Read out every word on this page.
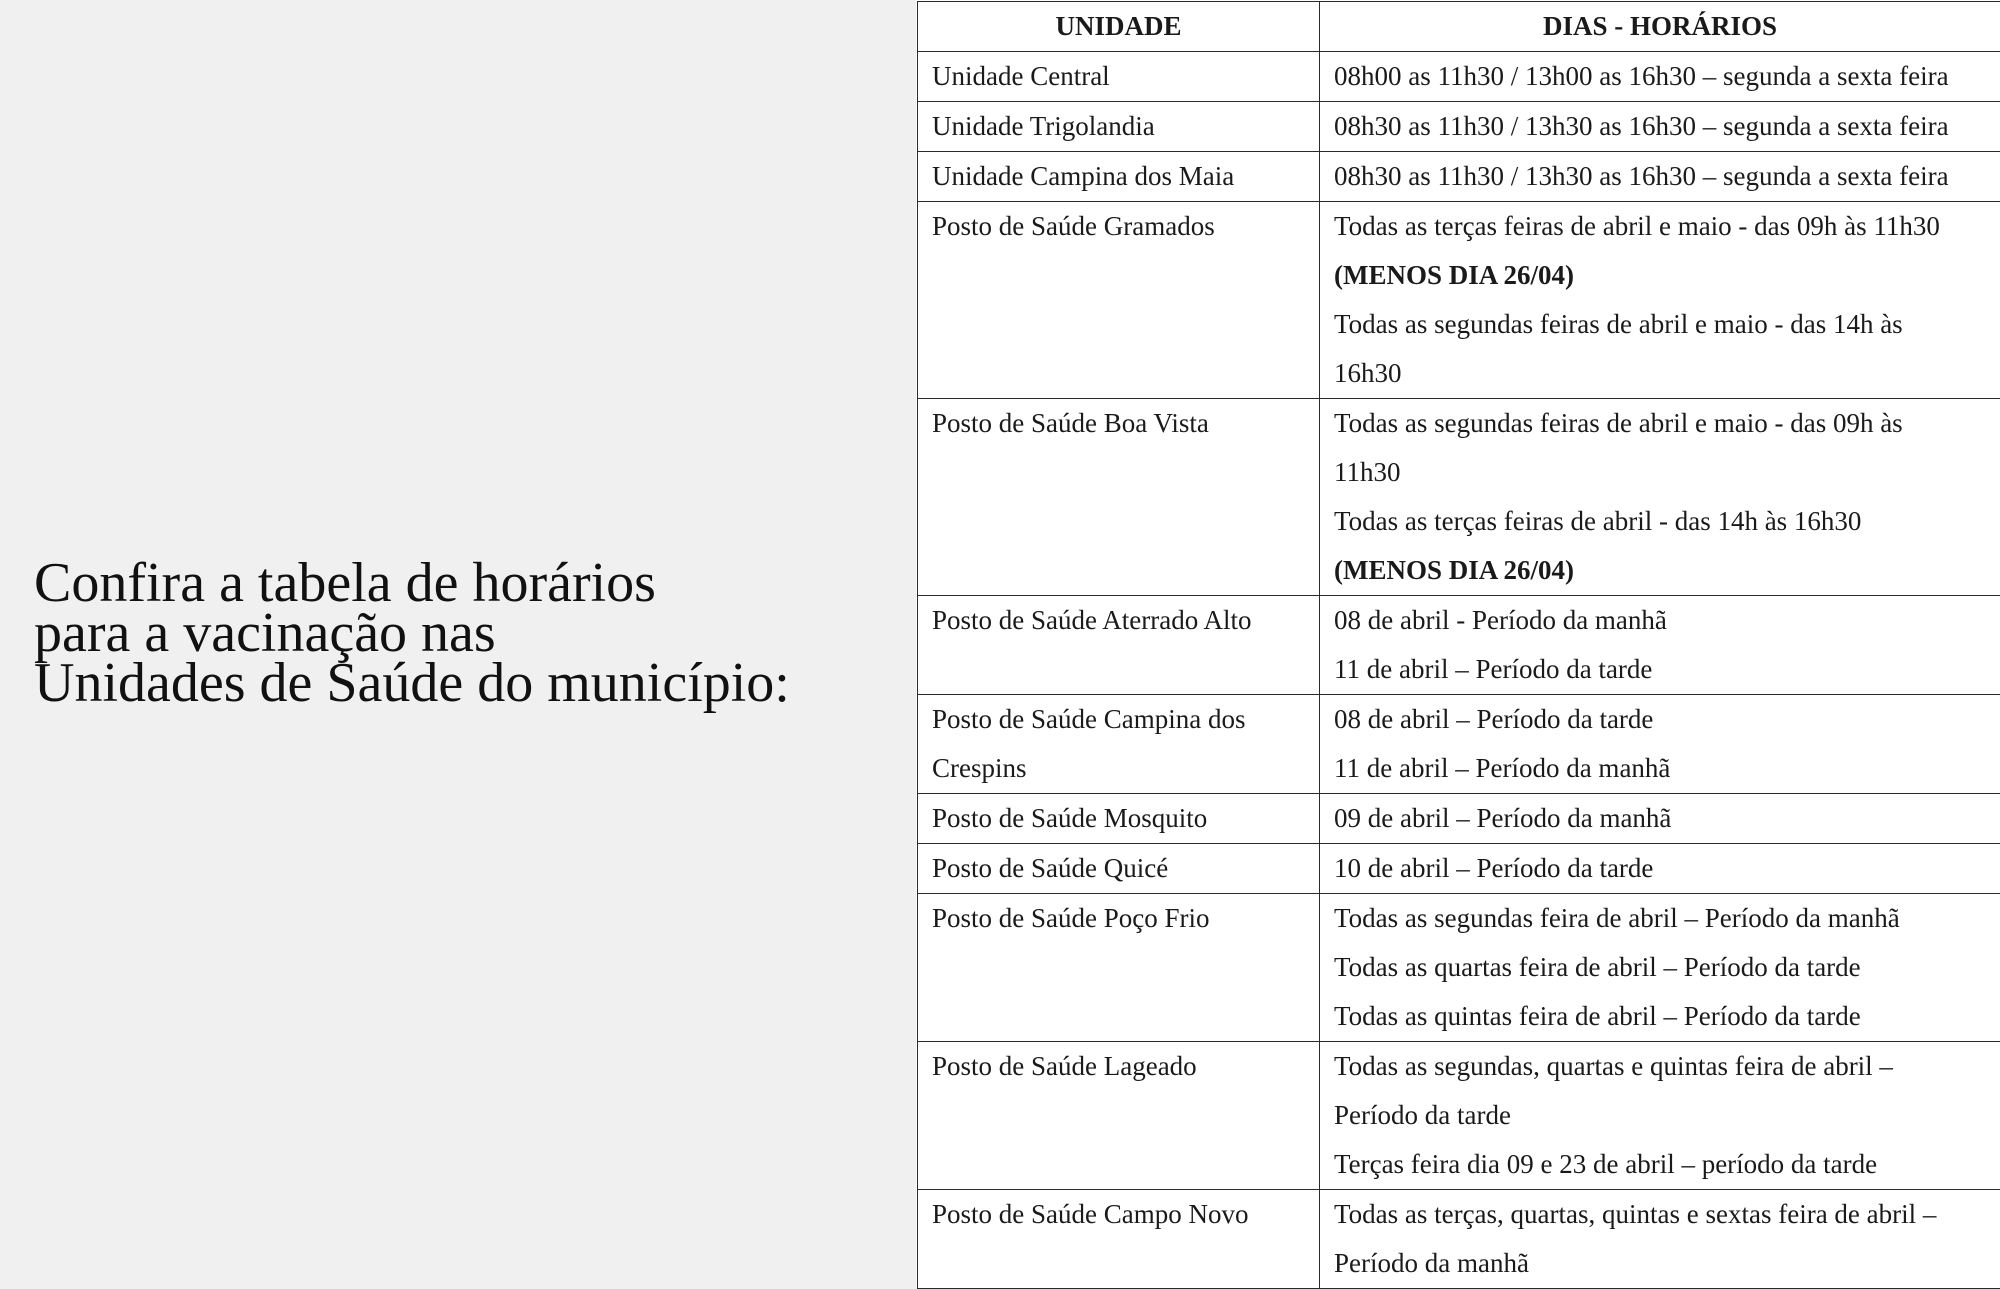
Confira a tabela de horários
para a vacinação nas
Unidades de Saúde do município:
UNIDADE	DIAS - HORÁRIOS

Unidade Central	08h00 as 11h30 / 13h00 as 16h30 – segunda a sexta feira

Unidade Trigolandia	08h30 as 11h30 / 13h30 as 16h30 – segunda a sexta feira

Unidade Campina dos Maia	08h30 as 11h30 / 13h30 as 16h30 – segunda a sexta feira

Posto de Saúde Gramados	Todas as terças feiras de abril e maio - das 09h às 11h30
(MENOS DIA 26/04)
Todas as segundas feiras de abril e maio - das 14h às
16h30

Posto de Saúde Boa Vista	Todas as segundas feiras de abril e maio - das 09h às
11h30
Todas as terças feiras de abril - das 14h às 16h30
(MENOS DIA 26/04)

Posto de Saúde Aterrado Alto	08 de abril - Período da manhã
11 de abril – Período da tarde

Posto de Saúde Campina dos
Crespins	08 de abril – Período da tarde
11 de abril – Período da manhã

Posto de Saúde Mosquito	09 de abril – Período da manhã

Posto de Saúde Quicé	10 de abril – Período da tarde

Posto de Saúde Poço Frio	Todas as segundas feira de abril – Período da manhã
Todas as quartas feira de abril – Período da tarde
Todas as quintas feira de abril – Período da tarde

Posto de Saúde Lageado	Todas as segundas, quartas e quintas feira de abril –
Período da tarde
Terças feira dia 09 e 23 de abril – período da tarde

Posto de Saúde Campo Novo	Todas as terças, quartas, quintas e sextas feira de abril –
Período da manhã
